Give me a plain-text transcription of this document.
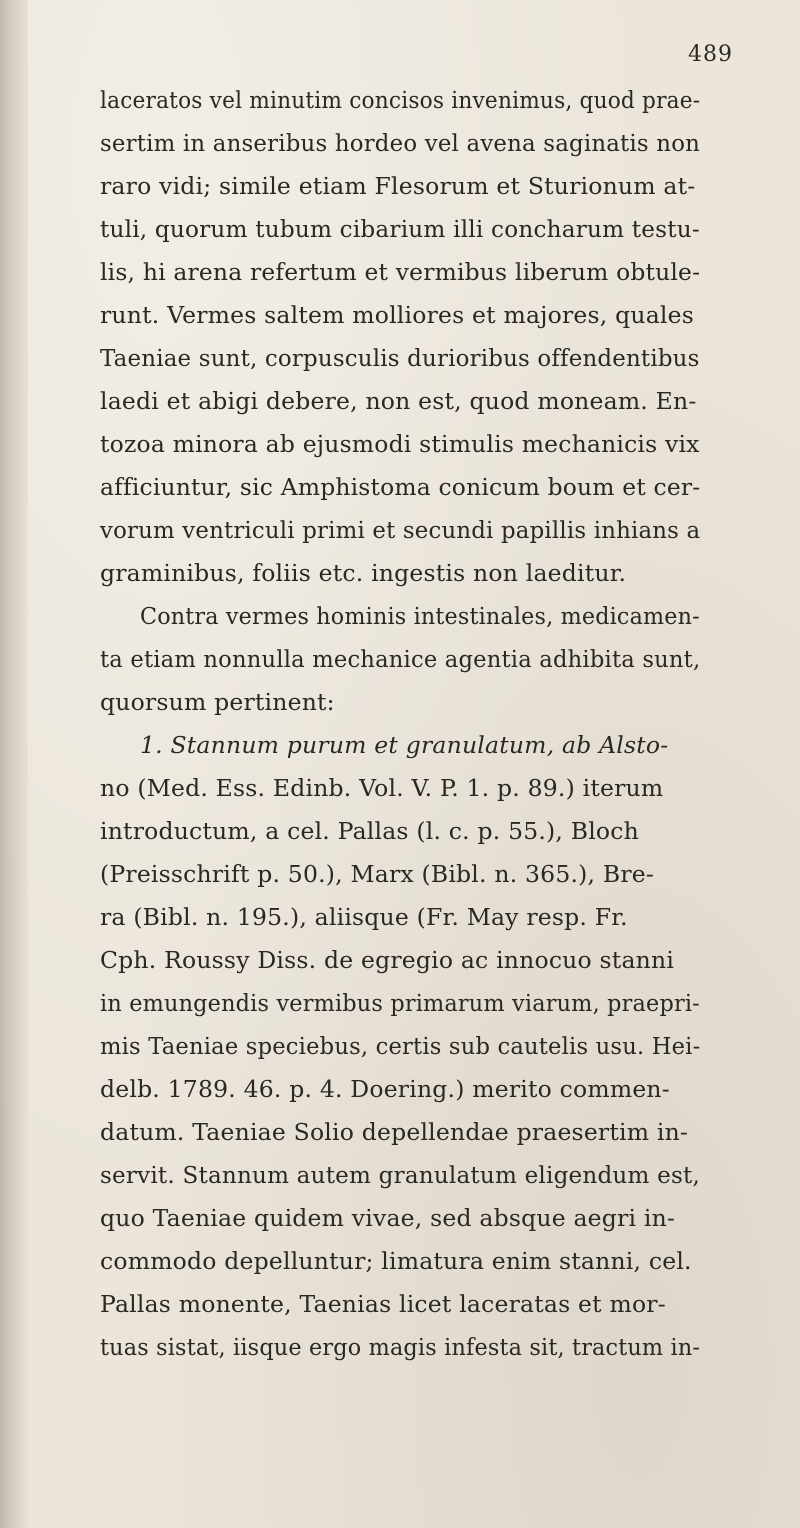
489
laceratos vel minutim concisos invenimus, quod prae-
sertim in anseribus hordeo vel avena saginatis non
raro vidi; simile etiam Flesorum et Sturionum at-
tuli, quorum tubum cibarium illi concharum testu-
lis, hi arena refertum et vermibus liberum obtule-
runt. Vermes saltem molliores et majores, quales
Taeniae sunt, corpusculis durioribus offendentibus
laedi et abigi debere, non est, quod moneam. En-
tozoa minora ab ejusmodi stimulis mechanicis vix
afficiuntur, sic Amphistoma conicum boum et cer-
vorum ventriculi primi et secundi papillis inhians a
graminibus, foliis etc. ingestis non laeditur.
Contra vermes hominis intestinales, medicamen-
ta etiam nonnulla mechanice agentia adhibita sunt,
quorsum pertinent:
1. Stannum purum et granulatum, ab Alsto-
no (Med. Ess. Edinb. Vol. V. P. 1. p. 89.) iterum
introductum, a cel. Pallas (l. c. p. 55.), Bloch
(Preisschrift p. 50.), Marx (Bibl. n. 365.), Bre-
ra (Bibl. n. 195.), aliisque (Fr. May resp. Fr.
Cph. Roussy Diss. de egregio ac innocuo stanni
in emungendis vermibus primarum viarum, praepri-
mis Taeniae speciebus, certis sub cautelis usu. Hei-
delb. 1789. 46. p. 4. Doering.) merito commen-
datum. Taeniae Solio depellendae praesertim in-
servit. Stannum autem granulatum eligendum est,
quo Taeniae quidem vivae, sed absque aegri in-
commodo depelluntur; limatura enim stanni, cel.
Pallas monente, Taenias licet laceratas et mor-
tuas sistat, iisque ergo magis infesta sit, tractum in-
